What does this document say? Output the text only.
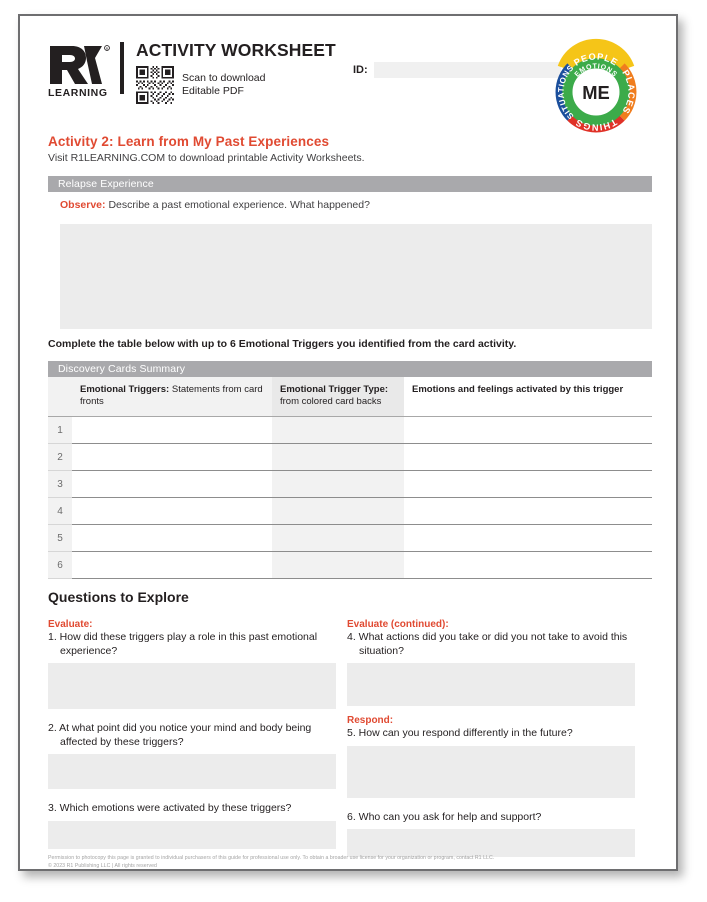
R
LEARNING
ACTIVITY WORKSHEET
Scan to download
Editable PDF
ID:
PEOPLE
PLACES
THINGS
SITUATIONS
EMOTIONS
ME
Activity 2: Learn from My Past Experiences
Visit R1LEARNING.COM to download printable Activity Worksheets.
Relapse Experience
Observe: Describe a past emotional experience. What happened?
Complete the table below with up to 6 Emotional Triggers you identified from the card activity.
Discovery Cards Summary
	Emotional Triggers: Statements from card fronts	Emotional Trigger Type:
from colored card backs	Emotions and feelings activated by this trigger
1			
2			
3			
4			
5			
6			
Questions to Explore
Evaluate:
1. How did these triggers play a role in this past emotional experience?
2. At what point did you notice your mind and body being affected by these triggers?
3. Which emotions were activated by these triggers?
Evaluate (continued):
4. What actions did you take or did you not take to avoid this situation?
Respond:
5. How can you respond differently in the future?
6. Who can you ask for help and support?
Permission to photocopy this page is granted to individual purchasers of this guide for professional use only. To obtain a broader use license for your organization or program, contact R1 LLC.
© 2023 R1 Publishing LLC | All rights reserved
